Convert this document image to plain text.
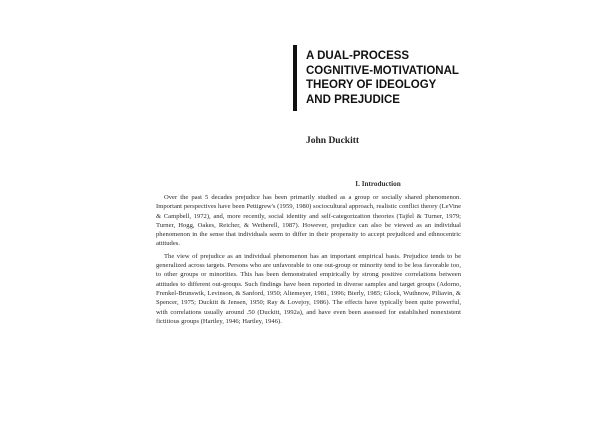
A DUAL-PROCESS
COGNITIVE-MOTIVATIONAL
THEORY OF IDEOLOGY
AND PREJUDICE

John Duckitt

I. Introduction

Over the past 5 decades prejudice has been primarily studied as a group or socially shared phenomenon. Important perspectives have been Pettigrew's (1959, 1980) sociocultural approach, realistic conflict theory (LeVine & Campbell, 1972), and, more recently, social identity and self-categorization theories (Tajfel & Turner, 1979; Turner, Hogg, Oakes, Reicher, & Wetherell, 1987). However, prejudice can also be viewed as an individual phenomenon in the sense that individuals seem to differ in their propensity to accept prejudiced and ethnocentric attitudes.

The view of prejudice as an individual phenomenon has an important empirical basis. Prejudice tends to be generalized across targets. Persons who are unfavorable to one out-group or minority tend to be less favorable too, to other groups or minorities. This has been demonstrated empirically by strong positive correlations between attitudes to different out-groups. Such findings have been reported in diverse samples and target groups (Adorno, Frenkel-Brunswik, Levinson, & Sanford, 1950; Altemeyer, 1981, 1996; Bierly, 1985; Glock, Wuthnow, Piliavin, & Spencer, 1975; Duckitt & Jensen, 1950; Ray & Lovejoy, 1986). The effects have typically been quite powerful, with correlations usually around .50 (Duckitt, 1992a), and have even been assessed for established nonexistent fictitious groups (Hartley, 1946; Hartley, 1946).
